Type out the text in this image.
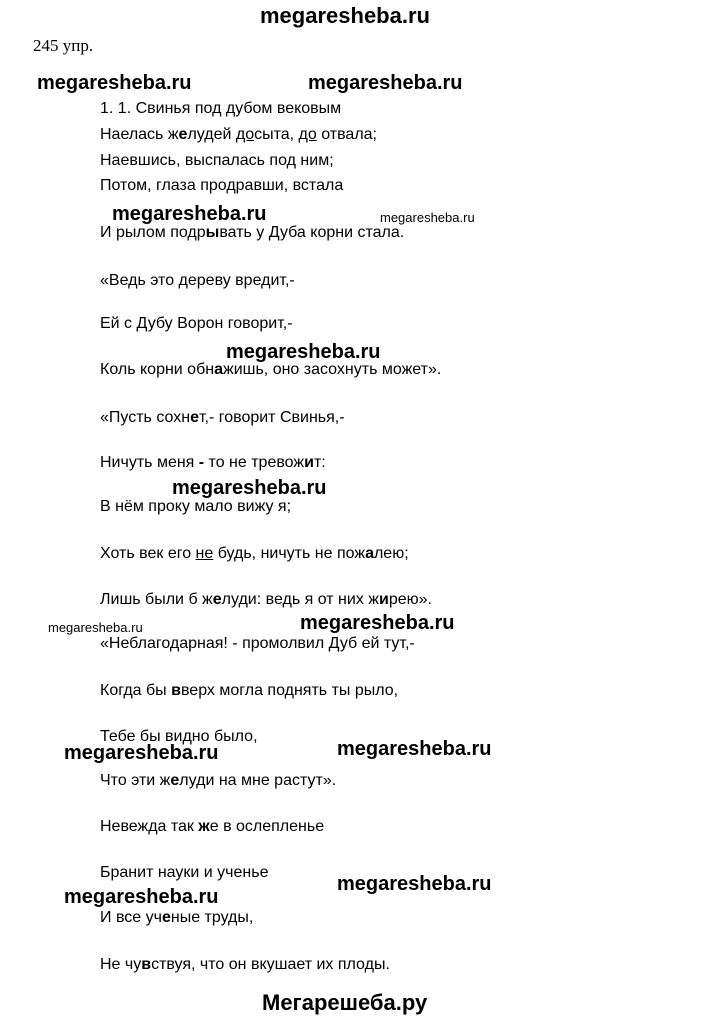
megaresheba.ru
245 упр.
megaresheba.ru	megaresheba.ru
megaresheba.ru	megaresheba.ru
megaresheba.ru
megaresheba.ru
megaresheba.ru
megaresheba.ru
megaresheba.ru	megaresheba.ru
megaresheba.ru
megaresheba.ru
1. 1. Свинья под дубом вековым
Наелась желудей досыта, до отвала;
Наевшись, выспалась под ним;
Потом, глаза продравши, встала
И рылом подрывать у Дуба корни стала.
«Ведь это дереву вредит,-
Ей с Дубу Ворон говорит,-
Коль корни обнажишь, оно засохнуть может».
«Пусть сохнет,- говорит Свинья,-
Ничуть меня - то не тревожит:
В нём проку мало вижу я;
Хоть век его не будь, ничуть не пожалею;
Лишь были б желуди: ведь я от них жирею».
«Неблагодарная! - промолвил Дуб ей тут,-
Когда бы вверх могла поднять ты рыло,
Тебе бы видно было,
Что эти желуди на мне растут».
Невежда так же в ослепленье
Бранит науки и ученье
И все ученые труды,
Не чувствуя, что он вкушает их плоды.
Мегарешеба.ру
